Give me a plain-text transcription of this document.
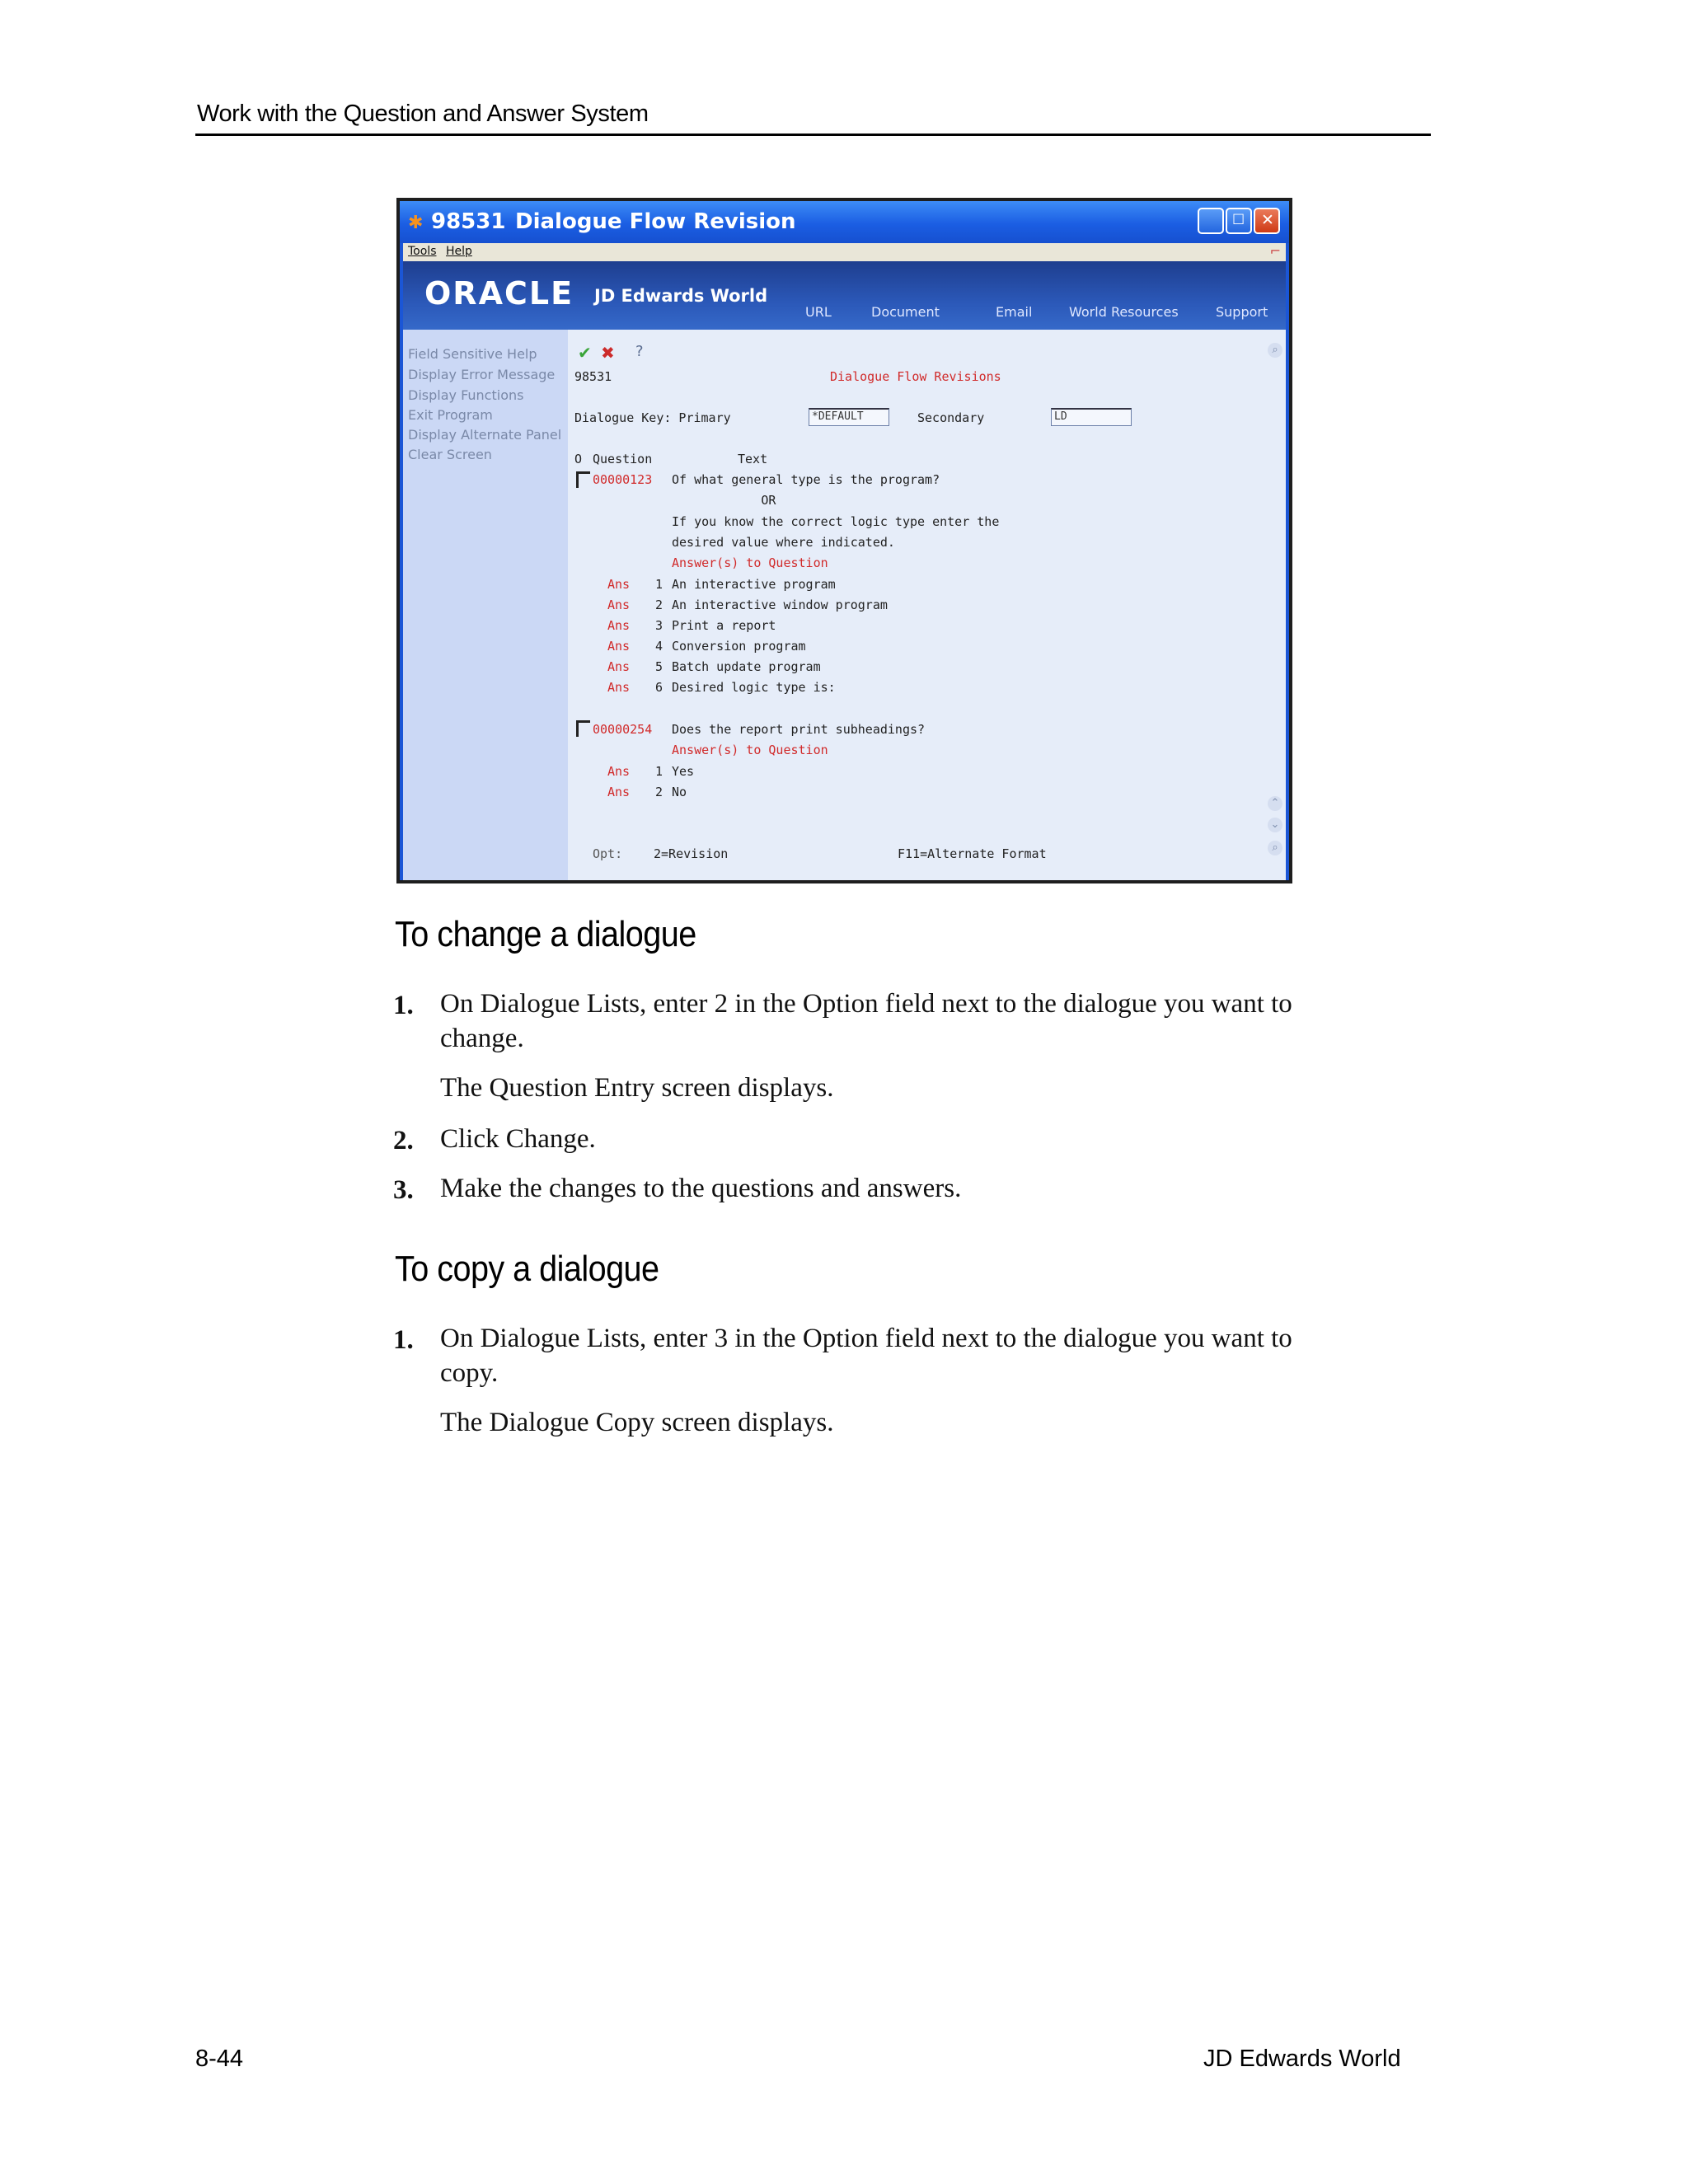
Work with the Question and Answer System
✱ 98531 Dialogue Flow Revision	_ ☐ ✕
Tools Help	⌐
ORACLE JD Edwards World
URL	Document	Email	World Resources	Support
Field Sensitive Help
Display Error Message
Display Functions
Exit Program
Display Alternate Panel
Clear Screen
✔ ✖ ?	⌕
98531	Dialogue Flow Revisions
Dialogue Key: Primary	*DEFAULT	Secondary	LD
O Question	Text
00000123 Of what general type is the program?
OR
If you know the correct logic type enter the
desired value where indicated.
Answer(s) to Question
Ans 1 An interactive program
Ans 2 An interactive window program
Ans 3 Print a report
Ans 4 Conversion program
Ans 5 Batch update program
Ans 6 Desired logic type is:
00000254 Does the report print subheadings?
Answer(s) to Question
Ans 1 Yes
Ans 2 No
⌃
⌄
⌕
Opt:	2=Revision	F11=Alternate Format
To change a dialogue
1. On Dialogue Lists, enter 2 in the Option field next to the dialogue you want to
change.
The Question Entry screen displays.
2. Click Change.
3. Make the changes to the questions and answers.
To copy a dialogue
1. On Dialogue Lists, enter 3 in the Option field next to the dialogue you want to
copy.
The Dialogue Copy screen displays.
8-44	JD Edwards World
